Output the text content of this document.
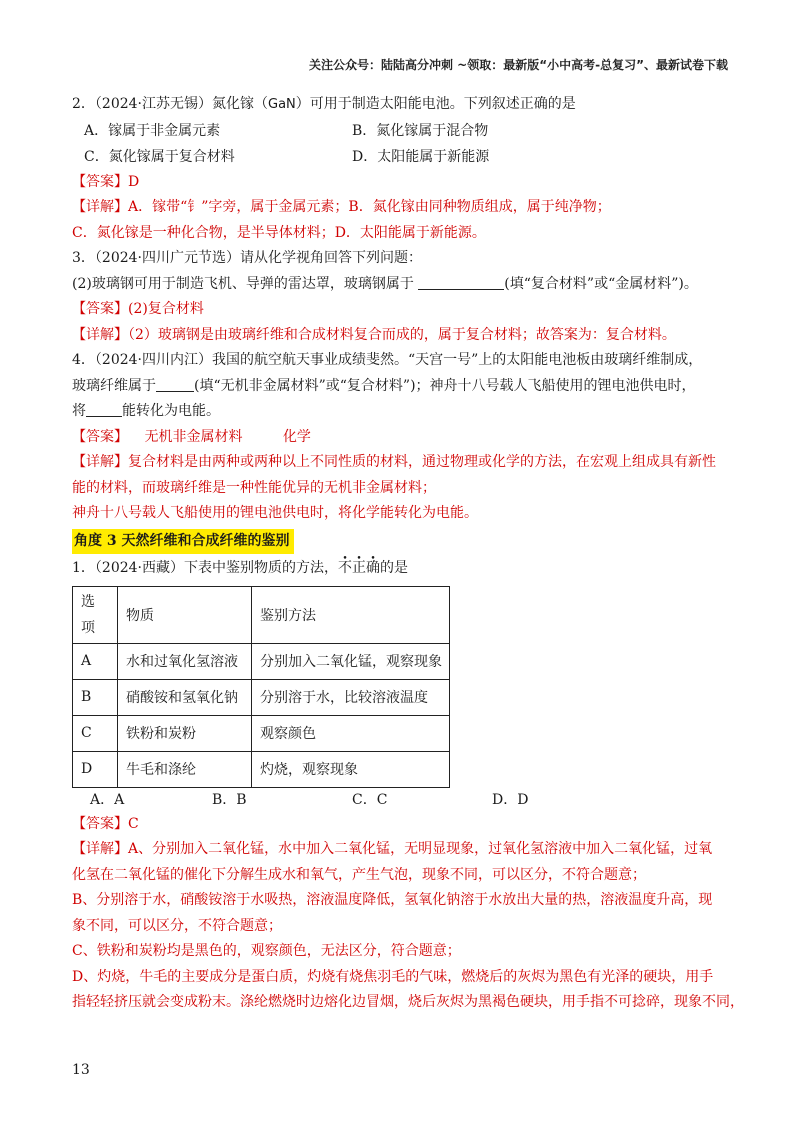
关注公众号：陆陆高分冲刺 ~领取：最新版“小中高考-总复习”、最新试卷下载
2．（2024·江苏无锡）氮化镓（GaN）可用于制造太阳能电池。下列叙述正确的是
A．镓属于非金属元素	B．氮化镓属于混合物
C．氮化镓属于复合材料	D．太阳能属于新能源
【答案】D
【详解】A．镓带“钅”字旁，属于金属元素；B．氮化镓由同种物质组成，属于纯净物；
C．氮化镓是一种化合物，是半导体材料；D．太阳能属于新能源。
3．（2024·四川广元节选）请从化学视角回答下列问题：
(2)玻璃钢可用于制造飞机、导弹的雷达罩，玻璃钢属于	(填“复合材料”或“金属材料”)。
【答案】(2)复合材料
【详解】（2）玻璃钢是由玻璃纤维和合成材料复合而成的，属于复合材料；故答案为：复合材料。
4．（2024·四川内江）我国的航空航天事业成绩斐然。“天宫一号”上的太阳能电池板由玻璃纤维制成，
玻璃纤维属于	(填“无机非金属材料”或“复合材料”)；神舟十八号载人飞船使用的锂电池供电时，
将	能转化为电能。
【答案】 无机非金属材料	化学
【详解】复合材料是由两种或两种以上不同性质的材料，通过物理或化学的方法，在宏观上组成具有新性
能的材料，而玻璃纤维是一种性能优异的无机非金属材料；
神舟十八号载人飞船使用的锂电池供电时，将化学能转化为电能。
角度 3 天然纤维和合成纤维的鉴别
1．（2024·西藏）下表中鉴别物质的方法，不正确的是
选
项	物质	鉴别方法
A	水和过氧化氢溶液	分别加入二氧化锰，观察现象
B	硝酸铵和氢氧化钠	分别溶于水，比较溶液温度
C	铁粉和炭粉	观察颜色
D	牛毛和涤纶	灼烧，观察现象
A．A	B．B	C．C	D．D
【答案】C
【详解】A、分别加入二氧化锰，水中加入二氧化锰，无明显现象，过氧化氢溶液中加入二氧化锰，过氧
化氢在二氧化锰的催化下分解生成水和氧气，产生气泡，现象不同，可以区分，不符合题意；
B、分别溶于水，硝酸铵溶于水吸热，溶液温度降低，氢氧化钠溶于水放出大量的热，溶液温度升高，现
象不同，可以区分，不符合题意；
C、铁粉和炭粉均是黑色的，观察颜色，无法区分，符合题意；
D、灼烧，牛毛的主要成分是蛋白质，灼烧有烧焦羽毛的气味，燃烧后的灰烬为黑色有光泽的硬块，用手
指轻轻挤压就会变成粉末。涤纶燃烧时边熔化边冒烟，烧后灰烬为黑褐色硬块，用手指不可捻碎，现象不同，
13
